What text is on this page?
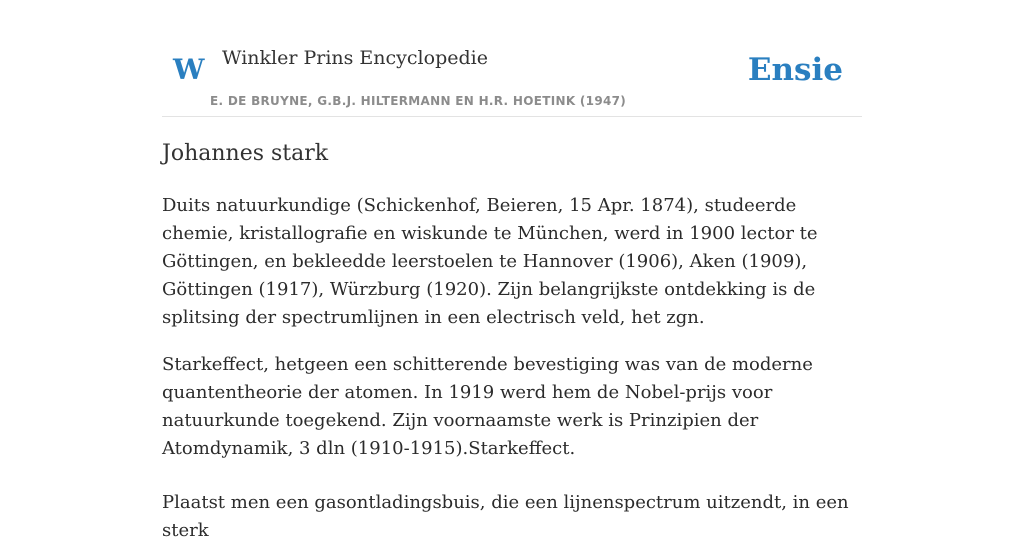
W Winkler Prins Encyclopedie
E. DE BRUYNE, G.B.J. HILTERMANN EN H.R. HOETINK (1947)
Ensie
Johannes stark

Duits natuurkundige (Schickenhof, Beieren, 15 Apr. 1874), studeerde chemie, kristallografie en wiskunde te München, werd in 1900 lector te Göttingen, en bekleedde leerstoelen te Hannover (1906), Aken (1909), Göttingen (1917), Würzburg (1920). Zijn belangrijkste ontdekking is de splitsing der spectrumlijnen in een electrisch veld, het zgn.

Starkeffect, hetgeen een schitterende bevestiging was van de moderne quantentheorie der atomen. In 1919 werd hem de Nobel-prijs voor natuurkunde toegekend. Zijn voornaamste werk is Prinzipien der Atomdynamik, 3 dln (1910-1915).Starkeffect.

Plaatst men een gasontladingsbuis, die een lijnenspectrum uitzendt, in een sterk
